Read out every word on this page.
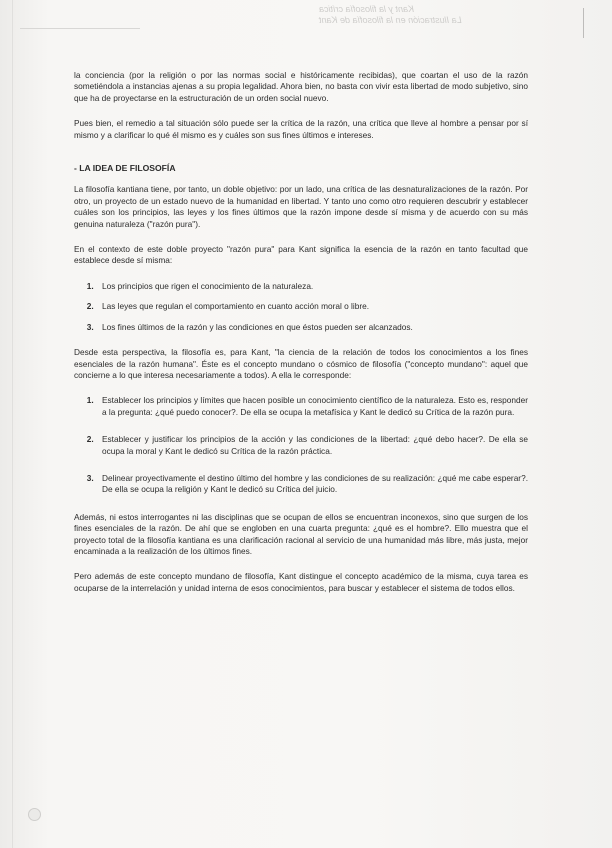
Kant y la filosofía crítica
La Ilustración en la filosofía de Kant

la conciencia (por la religión o por las normas social e históricamente recibidas), que coartan el uso de la razón sometiéndola a instancias ajenas a su propia legalidad. Ahora bien, no basta con vivir esta libertad de modo subjetivo, sino que ha de proyectarse en la estructuración de un orden social nuevo.

Pues bien, el remedio a tal situación sólo puede ser la crítica de la razón, una crítica que lleve al hombre a pensar por sí mismo y a clarificar lo qué él mismo es y cuáles son sus fines últimos e intereses.

- LA IDEA DE FILOSOFÍA

La filosofía kantiana tiene, por tanto, un doble objetivo: por un lado, una crítica de las desnaturalizaciones de la razón. Por otro, un proyecto de un estado nuevo de la humanidad en libertad. Y tanto uno como otro requieren descubrir y establecer cuáles son los principios, las leyes y los fines últimos que la razón impone desde sí misma y de acuerdo con su más genuina naturaleza ("razón pura").

En el contexto de este doble proyecto "razón pura" para Kant significa la esencia de la razón en tanto facultad que establece desde sí misma:

1. Los principios que rigen el conocimiento de la naturaleza.
2. Las leyes que regulan el comportamiento en cuanto acción moral o libre.
3. Los fines últimos de la razón y las condiciones en que éstos pueden ser alcanzados.

Desde esta perspectiva, la filosofía es, para Kant, "la ciencia de la relación de todos los conocimientos a los fines esenciales de la razón humana". Éste es el concepto mundano o cósmico de filosofía ("concepto mundano": aquel que concierne a lo que interesa necesariamente a todos). A ella le corresponde:

1. Establecer los principios y límites que hacen posible un conocimiento científico de la naturaleza. Esto es, responder a la pregunta: ¿qué puedo conocer?. De ella se ocupa la metafísica y Kant le dedicó su Crítica de la razón pura.
2. Establecer y justificar los principios de la acción y las condiciones de la libertad: ¿qué debo hacer?. De ella se ocupa la moral y Kant le dedicó su Crítica de la razón práctica.
3. Delinear proyectivamente el destino último del hombre y las condiciones de su realización: ¿qué me cabe esperar?. De ella se ocupa la religión y Kant le dedicó su Crítica del juicio.

Además, ni estos interrogantes ni las disciplinas que se ocupan de ellos se encuentran inconexos, sino que surgen de los fines esenciales de la razón. De ahí que se engloben en una cuarta pregunta: ¿qué es el hombre?. Ello muestra que el proyecto total de la filosofía kantiana es una clarificación racional al servicio de una humanidad más libre, más justa, mejor encaminada a la realización de los últimos fines.

Pero además de este concepto mundano de filosofía, Kant distingue el concepto académico de la misma, cuya tarea es ocuparse de la interrelación y unidad interna de esos conocimientos, para buscar y establecer el sistema de todos ellos.
